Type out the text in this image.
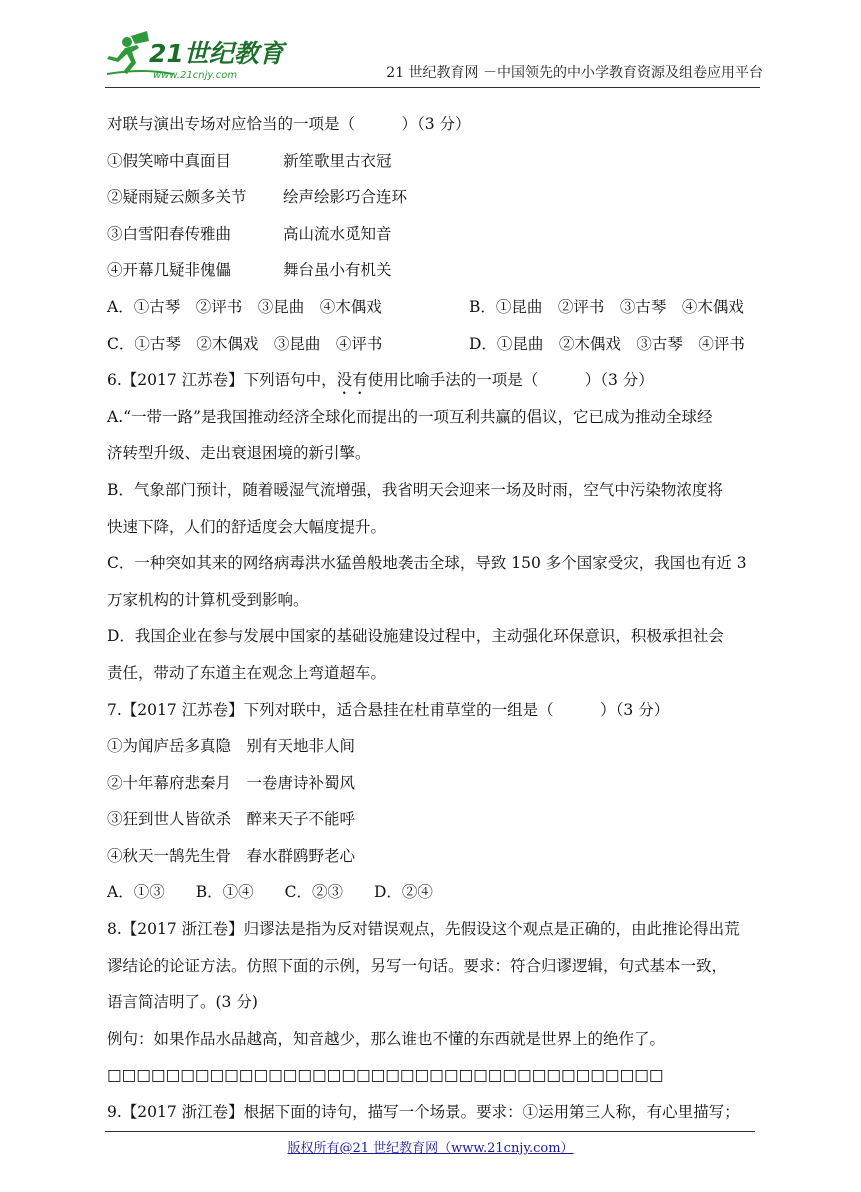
21世纪教育
www.21cnjy.com	21 世纪教育网 －中国领先的中小学教育资源及组卷应用平台
对联与演出专场对应恰当的一项是（　　　）（3 分）
①假笑啼中真面目	新笙歌里古衣冠
②疑雨疑云颇多关节 绘声绘影巧合连环
③白雪阳春传雅曲	高山流水觅知音
④开幕几疑非傀儡	舞台虽小有机关
A．①古琴　②评书　③昆曲　④木偶戏	B．①昆曲　②评书　③古琴　④木偶戏
C．①古琴　②木偶戏　③昆曲　④评书	D．①昆曲　②木偶戏　③古琴　④评书
6.【2017 江苏卷】下列语句中，没有使用比喻手法的一项是（　　　）（3 分）
A.“一带一路”是我国推动经济全球化而提出的一项互利共赢的倡议，它已成为推动全球经
济转型升级、走出衰退困境的新引擎。
B．气象部门预计，随着暖湿气流增强，我省明天会迎来一场及时雨，空气中污染物浓度将
快速下降，人们的舒适度会大幅度提升。
C．一种突如其来的网络病毒洪水猛兽般地袭击全球，导致 150 多个国家受灾，我国也有近 3
万家机构的计算机受到影响。
D．我国企业在参与发展中国家的基础设施建设过程中，主动强化环保意识，积极承担社会
责任，带动了东道主在观念上弯道超车。
7.【2017 江苏卷】下列对联中，适合悬挂在杜甫草堂的一组是（　　　）（3 分）
①为闻庐岳多真隐　别有天地非人间
②十年幕府悲秦月　一卷唐诗补蜀风
③狂到世人皆欲杀　醉来天子不能呼
④秋天一鹄先生骨　春水群鸥野老心
A．①③　　B．①④　　C．②③　　D．②④
8.【2017 浙江卷】归谬法是指为反对错误观点，先假设这个观点是正确的，由此推论得出荒
谬结论的论证方法。仿照下面的示例，另写一句话。要求：符合归谬逻辑，句式基本一致，
语言简洁明了。(3 分)
例句：如果作品水品越高，知音越少，那么谁也不懂的东西就是世界上的绝作了。
□□□□□□□□□□□□□□□□□□□□□□□□□□□□□□□□□□□□□□
9.【2017 浙江卷】根据下面的诗句，描写一个场景。要求：①运用第三人称，有心里描写；
版权所有@21 世纪教育网（www.21cnjy.com）
